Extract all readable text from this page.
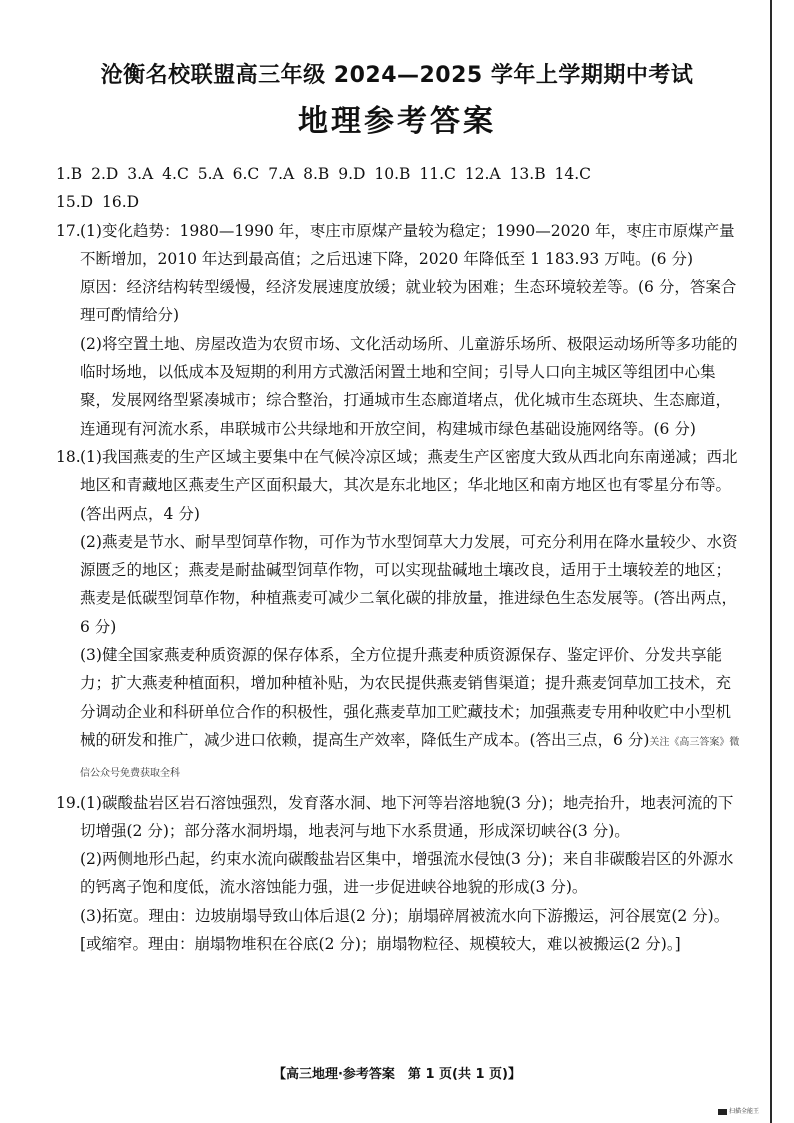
沧衡名校联盟高三年级 2024—2025 学年上学期期中考试
地理参考答案

1.B 2.D 3.A 4.C 5.A 6.C 7.A 8.B 9.D 10.B 11.C 12.A 13.B 14.C

15.D 16.D

17. (1)变化趋势：1980—1990 年，枣庄市原煤产量较为稳定；1990—2020 年，枣庄市原煤产量不断增加，2010 年达到最高值；之后迅速下降，2020 年降低至 1 183.93 万吨。(6 分)

原因：经济结构转型缓慢，经济发展速度放缓；就业较为困难；生态环境较差等。(6 分，答案合理可酌情给分)

(2)将空置土地、房屋改造为农贸市场、文化活动场所、儿童游乐场所、极限运动场所等多功能的临时场地，以低成本及短期的利用方式激活闲置土地和空间；引导人口向主城区等组团中心集聚，发展网络型紧凑城市；综合整治，打通城市生态廊道堵点，优化城市生态斑块、生态廊道，连通现有河流水系，串联城市公共绿地和开放空间，构建城市绿色基础设施网络等。(6 分)

18. (1)我国燕麦的生产区域主要集中在气候冷凉区域；燕麦生产区密度大致从西北向东南递减；西北地区和青藏地区燕麦生产区面积最大，其次是东北地区；华北地区和南方地区也有零星分布等。(答出两点，4 分)

(2)燕麦是节水、耐旱型饲草作物，可作为节水型饲草大力发展，可充分利用在降水量较少、水资源匮乏的地区；燕麦是耐盐碱型饲草作物，可以实现盐碱地土壤改良，适用于土壤较差的地区；燕麦是低碳型饲草作物，种植燕麦可减少二氧化碳的排放量，推进绿色生态发展等。(答出两点，6 分)

(3)健全国家燕麦种质资源的保存体系，全方位提升燕麦种质资源保存、鉴定评价、分发共享能力；扩大燕麦种植面积，增加种植补贴，为农民提供燕麦销售渠道；提升燕麦饲草加工技术，充分调动企业和科研单位合作的积极性，强化燕麦草加工贮藏技术；加强燕麦专用种收贮中小型机械的研发和推广，减少进口依赖，提高生产效率，降低生产成本。(答出三点，6 分)关注《高三答案》微信公众号免费获取全科

19. (1)碳酸盐岩区岩石溶蚀强烈，发育落水洞、地下河等岩溶地貌(3 分)；地壳抬升，地表河流的下切增强(2 分)；部分落水洞坍塌，地表河与地下水系贯通，形成深切峡谷(3 分)。

(2)两侧地形凸起，约束水流向碳酸盐岩区集中，增强流水侵蚀(3 分)；来自非碳酸岩区的外源水的钙离子饱和度低，流水溶蚀能力强，进一步促进峡谷地貌的形成(3 分)。

(3)拓宽。理由：边坡崩塌导致山体后退(2 分)；崩塌碎屑被流水向下游搬运，河谷展宽(2 分)。

[或缩窄。理由：崩塌物堆积在谷底(2 分)；崩塌物粒径、规模较大，难以被搬运(2 分)。]

【高三地理·参考答案　第 1 页(共 1 页)】
扫描全能王
